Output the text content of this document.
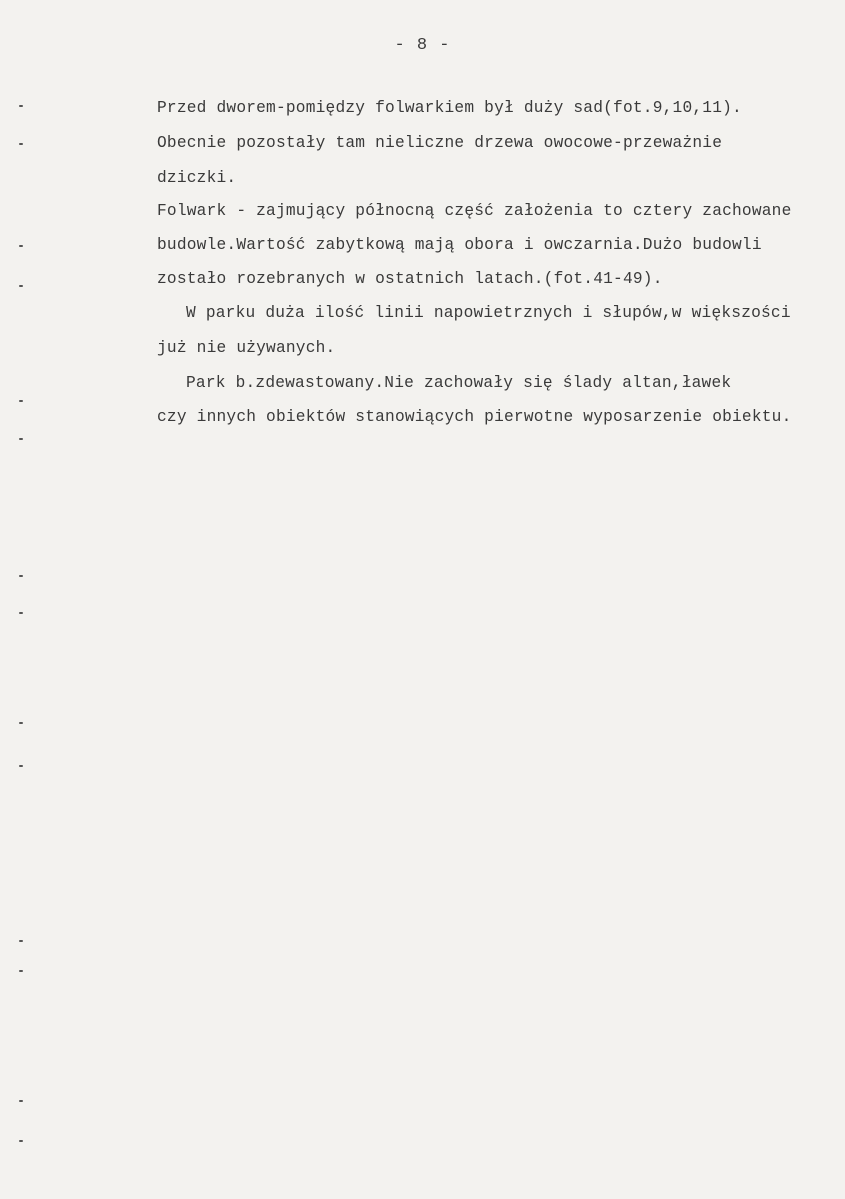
- 8 -
Przed dworem-pomiędzy folwarkiem był duży sad(fot.9,10,11).
Obecnie pozostały tam nieliczne drzewa owocowe-przeważnie
dziczki.
Folwark - zajmujący północną część założenia to cztery zachowane
budowle.Wartość zabytkową mają obora i owczarnia.Dużo budowli
zostało rozebranych w ostatnich latach.(fot.41-49).
W parku duża ilość linii napowietrznych i słupów,w większości
już nie używanych.
Park b.zdewastowany.Nie zachowały się ślady altan,ławek
czy innych obiektów stanowiących pierwotne wyposarzenie obiektu.
